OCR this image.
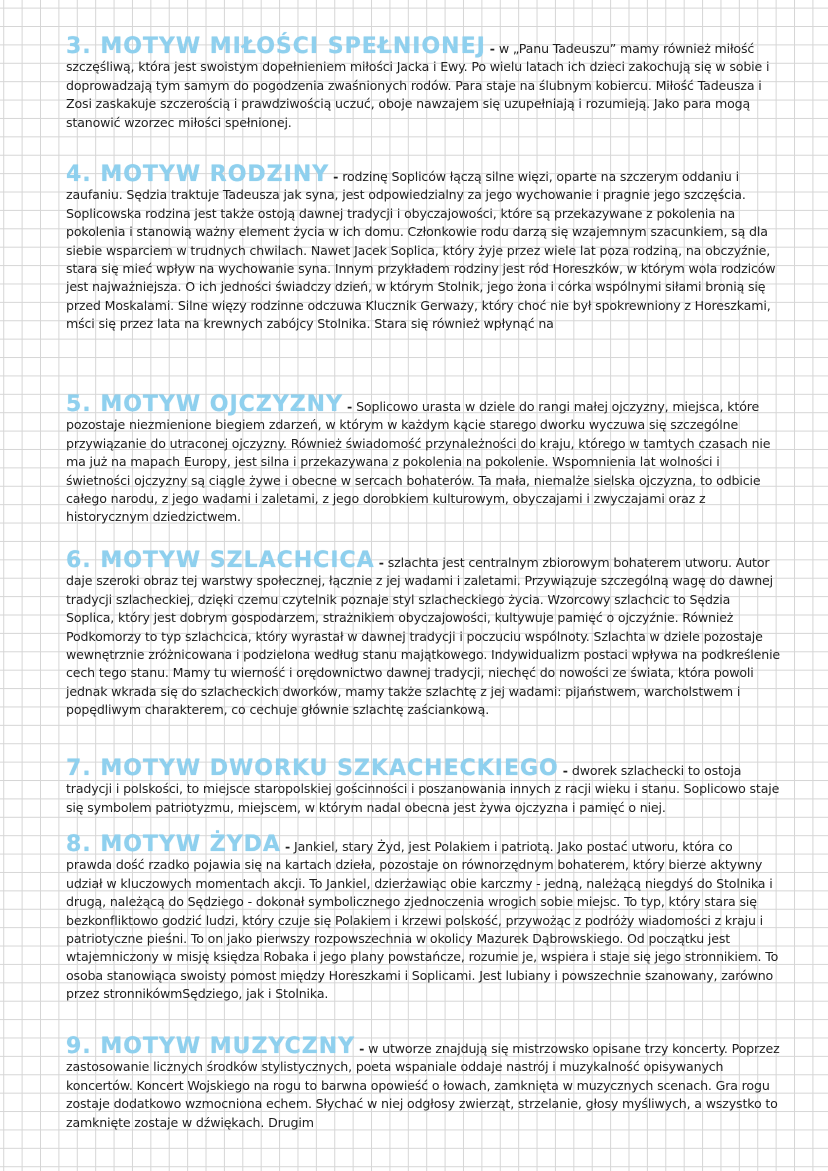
3. MOTYW MIŁOŚCI SPEŁNIONEJ - w „Panu Tadeuszu” mamy również miłość szczęśliwą, która jest swoistym dopełnieniem miłości Jacka i Ewy. Po wielu latach ich dzieci zakochują się w sobie i doprowadzają tym samym do pogodzenia zwaśnionych rodów. Para staje na ślubnym kobiercu. Miłość Tadeusza i Zosi zaskakuje szczerością i prawdziwością uczuć, oboje nawzajem się uzupełniają i rozumieją. Jako para mogą stanowić wzorzec miłości spełnionej.

4. MOTYW RODZINY - rodzinę Sopliców łączą silne więzi, oparte na szczerym oddaniu i zaufaniu. Sędzia traktuje Tadeusza jak syna, jest odpowiedzialny za jego wychowanie i pragnie jego szczęścia. Soplicowska rodzina jest także ostoją dawnej tradycji i obyczajowości, które są przekazywane z pokolenia na pokolenia i stanowią ważny element życia w ich domu. Członkowie rodu darzą się wzajemnym szacunkiem, są dla siebie wsparciem w trudnych chwilach. Nawet Jacek Soplica, który żyje przez wiele lat poza rodziną, na obczyźnie, stara się mieć wpływ na wychowanie syna. Innym przykładem rodziny jest ród Horeszków, w którym wola rodziców jest najważniejsza. O ich jedności świadczy dzień, w którym Stolnik, jego żona i córka wspólnymi siłami bronią się przed Moskalami. Silne więzy rodzinne odczuwa Klucznik Gerwazy, który choć nie był spokrewniony z Horeszkami, mści się przez lata na krewnych zabójcy Stolnika. Stara się również wpłynąć na

5. MOTYW OJCZYZNY - Soplicowo urasta w dziele do rangi małej ojczyzny, miejsca, które pozostaje niezmienione biegiem zdarzeń, w którym w każdym kącie starego dworku wyczuwa się szczególne przywiązanie do utraconej ojczyzny. Również świadomość przynależności do kraju, którego w tamtych czasach nie ma już na mapach Europy, jest silna i przekazywana z pokolenia na pokolenie. Wspomnienia lat wolności i świetności ojczyzny są ciągle żywe i obecne w sercach bohaterów. Ta mała, niemalże sielska ojczyzna, to odbicie całego narodu, z jego wadami i zaletami, z jego dorobkiem kulturowym, obyczajami i zwyczajami oraz z historycznym dziedzictwem.

6. MOTYW SZLACHCICA - szlachta jest centralnym zbiorowym bohaterem utworu. Autor daje szeroki obraz tej warstwy społecznej, łącznie z jej wadami i zaletami. Przywiązuje szczególną wagę do dawnej tradycji szlacheckiej, dzięki czemu czytelnik poznaje styl szlacheckiego życia. Wzorcowy szlachcic to Sędzia Soplica, który jest dobrym gospodarzem, strażnikiem obyczajowości, kultywuje pamięć o ojczyźnie. Również Podkomorzy to typ szlachcica, który wyrastał w dawnej tradycji i poczuciu wspólnoty. Szlachta w dziele pozostaje wewnętrznie zróżnicowana i podzielona według stanu majątkowego. Indywidualizm postaci wpływa na podkreślenie cech tego stanu. Mamy tu wierność i orędownictwo dawnej tradycji, niechęć do nowości ze świata, która powoli jednak wkrada się do szlacheckich dworków, mamy także szlachtę z jej wadami: pijaństwem, warcholstwem i popędliwym charakterem, co cechuje głównie szlachtę zaściankową.

7. MOTYW DWORKU SZKACHECKIEGO - dworek szlachecki to ostoja tradycji i polskości, to miejsce staropolskiej gościnności i poszanowania innych z racji wieku i stanu. Soplicowo staje się symbolem patriotyzmu, miejscem, w którym nadal obecna jest żywa ojczyzna i pamięć o niej.

8. MOTYW ŻYDA - Jankiel, stary Żyd, jest Polakiem i patriotą. Jako postać utworu, która co prawda dość rzadko pojawia się na kartach dzieła, pozostaje on równorzędnym bohaterem, który bierze aktywny udział w kluczowych momentach akcji. To Jankiel, dzierżawiąc obie karczmy - jedną, należącą niegdyś do Stolnika i drugą, należącą do Sędziego - dokonał symbolicznego zjednoczenia wrogich sobie miejsc. To typ, który stara się bezkonfliktowo godzić ludzi, który czuje się Polakiem i krzewi polskość, przywożąc z podróży wiadomości z kraju i patriotyczne pieśni. To on jako pierwszy rozpowszechnia w okolicy Mazurek Dąbrowskiego. Od początku jest wtajemniczony w misję księdza Robaka i jego plany powstańcze, rozumie je, wspiera i staje się jego stronnikiem. To osoba stanowiąca swoisty pomost między Horeszkami i Soplicami. Jest lubiany i powszechnie szanowany, zarówno przez stronnikówmSędziego, jak i Stolnika.

9. MOTYW MUZYCZNY - w utworze znajdują się mistrzowsko opisane trzy koncerty. Poprzez zastosowanie licznych środków stylistycznych, poeta wspaniale oddaje nastrój i muzykalność opisywanych koncertów. Koncert Wojskiego na rogu to barwna opowieść o łowach, zamknięta w muzycznych scenach. Gra rogu zostaje dodatkowo wzmocniona echem. Słychać w niej odgłosy zwierząt, strzelanie, głosy myśliwych, a wszystko to zamknięte zostaje w dźwiękach. Drugim
